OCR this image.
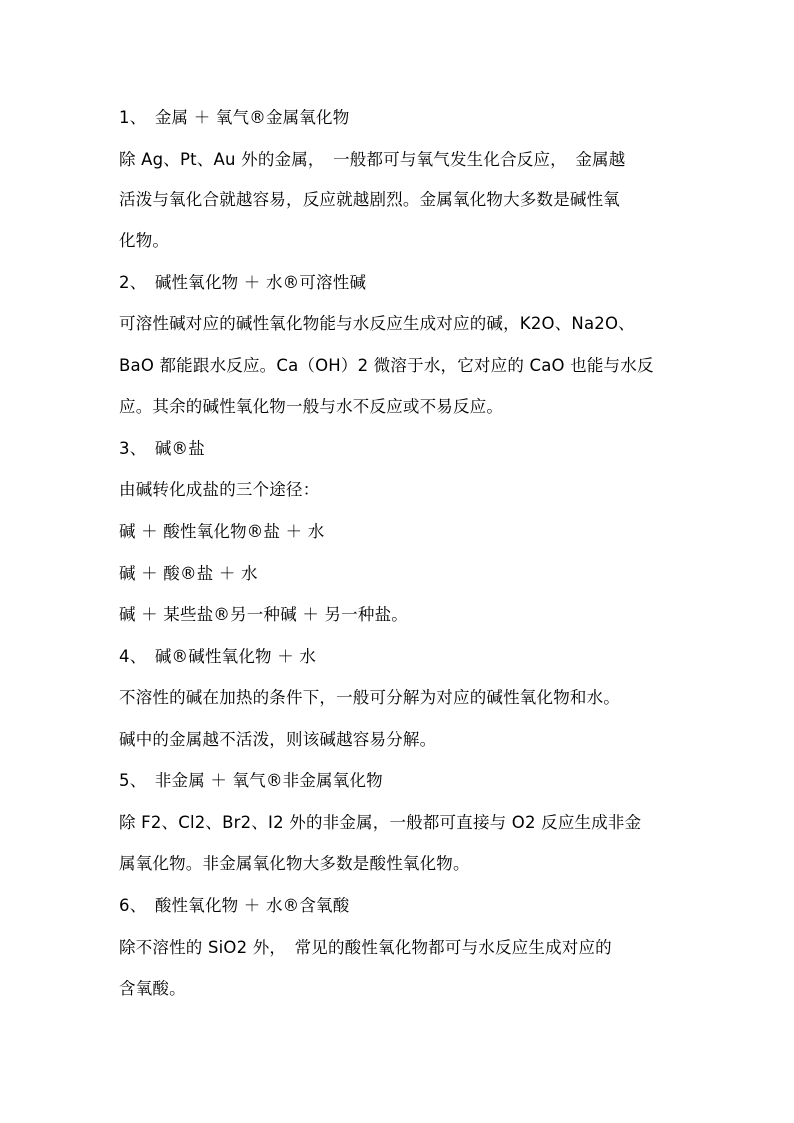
1、　金属 ＋ 氧气®金属氧化物
除 Ag、Pt、Au 外的金属，　一般都可与氧气发生化合反应，　金属越
活泼与氧化合就越容易，反应就越剧烈。金属氧化物大多数是碱性氧
化物。
2、　碱性氧化物 ＋ 水®可溶性碱
可溶性碱对应的碱性氧化物能与水反应生成对应的碱，K2O、Na2O、
BaO 都能跟水反应。Ca（OH）2 微溶于水，它对应的 CaO 也能与水反
应。其余的碱性氧化物一般与水不反应或不易反应。
3、　碱®盐
由碱转化成盐的三个途径：
碱 ＋ 酸性氧化物®盐 ＋ 水
碱 ＋ 酸®盐 ＋ 水
碱 ＋ 某些盐®另一种碱 ＋ 另一种盐。
4、　碱®碱性氧化物 ＋ 水
不溶性的碱在加热的条件下，一般可分解为对应的碱性氧化物和水。
碱中的金属越不活泼，则该碱越容易分解。
5、　非金属 ＋ 氧气®非金属氧化物
除 F2、Cl2、Br2、I2 外的非金属，一般都可直接与 O2 反应生成非金
属氧化物。非金属氧化物大多数是酸性氧化物。
6、　酸性氧化物 ＋ 水®含氧酸
除不溶性的 SiO2 外，　常见的酸性氧化物都可与水反应生成对应的
含氧酸。
